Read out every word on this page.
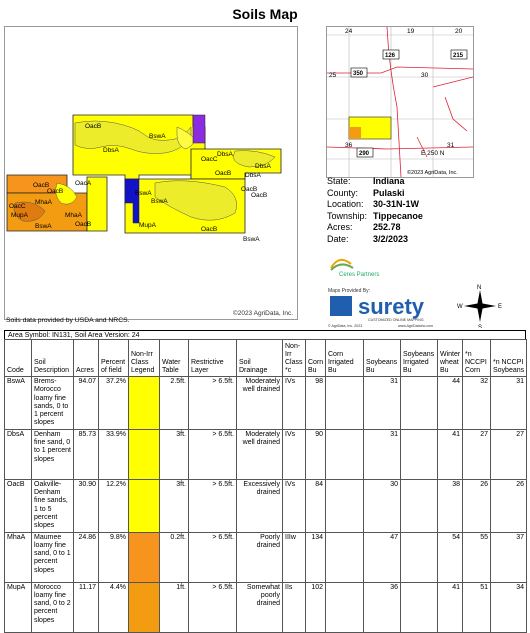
Soils Map
OacB
OacC
DbsA
BswA
BswA
OacA
OacB
DbsA
OacB
BswA
MhaA
OacC
MupA	MhaA
OacB
BswA	OacB
BswA
OacB
OacB
OacB
DbsA
MupA
DbsA
©2023 AgriData, Inc.
24	19	20
25	30
36	31
126	215
350
290	E 250 N
©2023 AgriData, Inc.
State:	Indiana
County:	Pulaski
Location:	30-31N-1W
Township: Tippecanoe
Acres:	252.78
Date:	3/2/2023
Ceres Partners
Maps Provided By:
surety
CUSTOMIZED ONLINE MAPPING
© AgriData, Inc. 2023	www.AgriDataInc.com
N
W	E
S
Soils data provided by USDA and NRCS.
Area Symbol: IN131, Soil Area Version: 24
Code	Soil Description	Acres	Percent of field	Non-Irr Class Legend	Water Table	Restrictive Layer	Soil Drainage	Non-Irr Class *c	Corn Bu	Corn Irrigated Bu	Soybeans Bu	Soybeans Irrigated Bu	Winter wheat Bu	*n NCCPI Corn	*n NCCPI Soybeans
BswA	Brems-Morocco loamy fine sands, 0 to 1 percent slopes	94.07	37.2%		2.5ft.	> 6.5ft.	Moderately well drained	IVs	98		31		44	32	31
DbsA	Denham fine sand, 0 to 1 percent slopes	85.73	33.9%		3ft.	> 6.5ft.	Moderately well drained	IVs	90		31		41	27	27
OacB	Oakville-Denham fine sands, 1 to 5 percent slopes	30.90	12.2%		3ft.	> 6.5ft.	Excessively drained	IVs	84		30		38	26	26
MhaA	Maumee loamy fine sand, 0 to 1 percent slopes	24.86	9.8%		0.2ft.	> 6.5ft.	Poorly drained	IIIw	134		47		54	55	37
MupA	Morocco loamy fine sand, 0 to 2 percent slopes	11.17	4.4%		1ft.	> 6.5ft.	Somewhat poorly drained	IIs	102		36		41	51	34
